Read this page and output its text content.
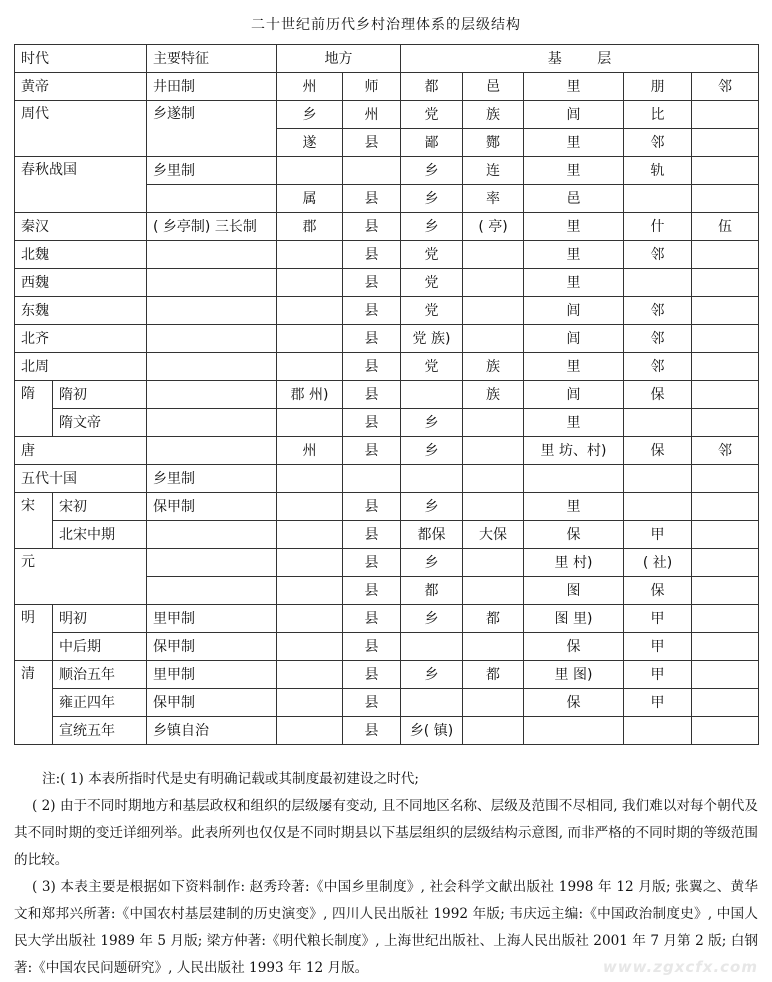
二十世纪前历代乡村治理体系的层级结构
时代		主要特征	地方		基        层				
黄帝		井田制	州	师	都	邑	里	朋	邻
周代		乡遂制	乡	州	党	族	闾	比	
			遂	县	鄙	酂	里	邻	
春秋战国		乡里制			乡	连	里	轨	
			属	县	乡	率	邑		
秦汉		( 乡亭制) 三长制	郡	县	乡	( 亭)	里	什	伍
北魏				县	党		里	邻	
西魏				县	党		里		
东魏				县	党		闾	邻	
北齐				县	党 族)		闾	邻	
北周				县	党	族	里	邻	
隋	隋初		郡 州)	县		族	闾	保	
	隋文帝			县	乡		里		
唐			州	县	乡		里 坊、村)	保	邻
五代十国		乡里制							
宋	宋初	保甲制		县	乡		里		
	北宋中期			县	都保	大保	保	甲	
元				县	乡		里 村)	( 社)	
				县	都		图	保	
明	明初	里甲制		县	乡	都	图 里)	甲	
	中后期	保甲制		县			保	甲	
清	顺治五年	里甲制		县	乡	都	里 图)	甲	
	雍正四年	保甲制		县			保	甲	
	宣统五年	乡镇自治		县	乡( 镇)				

注:( 1) 本表所指时代是史有明确记载或其制度最初建设之时代;

( 2) 由于不同时期地方和基层政权和组织的层级屡有变动, 且不同地区名称、层级及范围不尽相同, 我们难以对每个朝代及其不同时期的变迁详细列举。此表所列也仅仅是不同时期县以下基层组织的层级结构示意图, 而非严格的不同时期的等级范围的比较。

( 3) 本表主要是根据如下资料制作: 赵秀玲著:《中国乡里制度》, 社会科学文献出版社 1998 年 12 月版; 张翼之、黄华文和郑邦兴所著:《中国农村基层建制的历史演变》, 四川人民出版社 1992 年版; 韦庆远主编:《中国政治制度史》, 中国人民大学出版社 1989 年 5 月版; 梁方仲著:《明代粮长制度》, 上海世纪出版社、上海人民出版社 2001 年 7 月第 2 版; 白钢著:《中国农民问题研究》, 人民出版社 1993 年 12 月版。	www.zgxcfx.com
